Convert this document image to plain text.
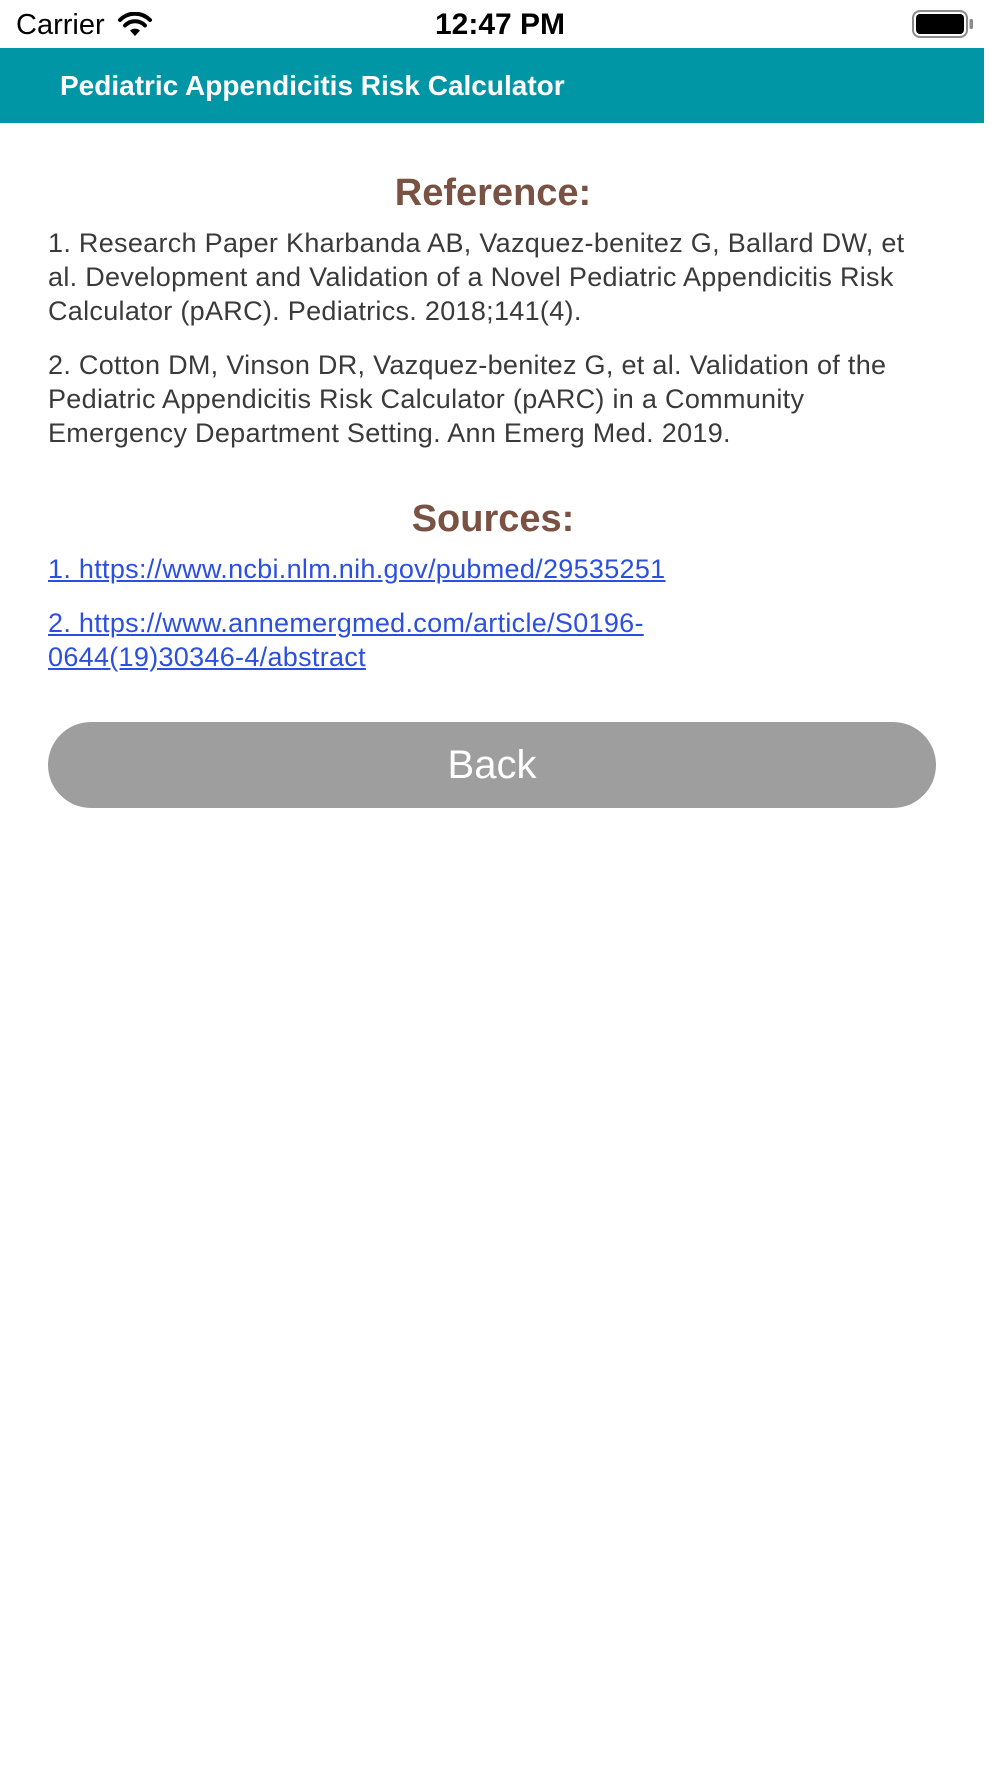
Carrier	12:47 PM
Pediatric Appendicitis Risk Calculator
Reference:

1. Research Paper Kharbanda AB, Vazquez-benitez G, Ballard DW, et al. Development and Validation of a Novel Pediatric Appendicitis Risk Calculator (pARC). Pediatrics. 2018;141(4).

2. Cotton DM, Vinson DR, Vazquez-benitez G, et al. Validation of the Pediatric Appendicitis Risk Calculator (pARC) in a Community Emergency Department Setting. Ann Emerg Med. 2019.

Sources:
1. https://www.ncbi.nlm.nih.gov/pubmed/29535251
2. https://www.annemergmed.com/article/S0196-0644(19)30346-4/abstract
Back
